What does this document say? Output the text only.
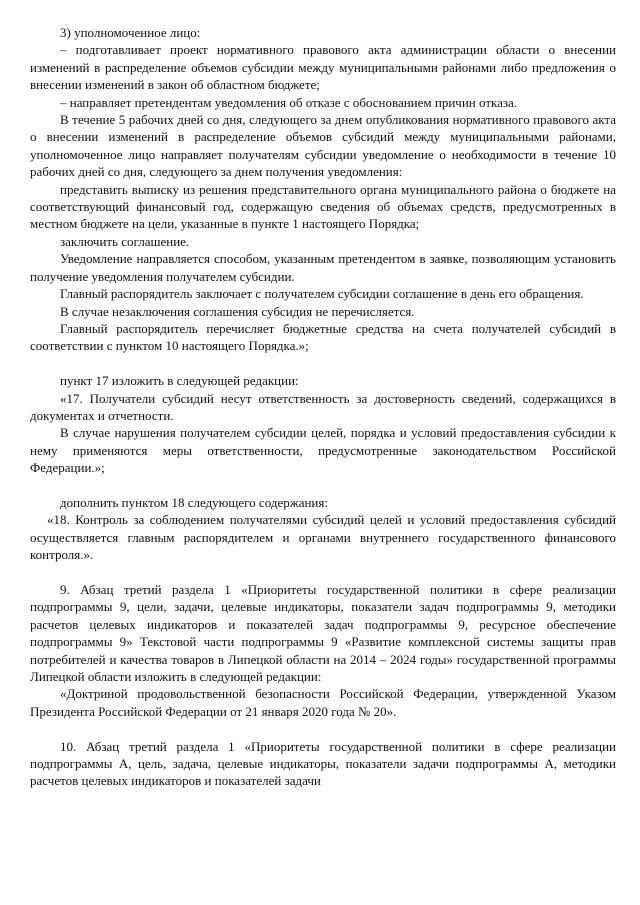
3) уполномоченное лицо:

– подготавливает проект нормативного правового акта администрации области о внесении изменений в распределение объемов субсидии между муниципальными районами либо предложения о внесении изменений в закон об областном бюджете;

– направляет претендентам уведомления об отказе с обоснованием причин отказа.

В течение 5 рабочих дней со дня, следующего за днем опубликования нормативного правового акта о внесении изменений в распределение объемов субсидий между муниципальными районами, уполномоченное лицо направляет получателям субсидии уведомление о необходимости в течение 10 рабочих дней со дня, следующего за днем получения уведомления:

представить выписку из решения представительного органа муниципального района о бюджете на соответствующий финансовый год, содержащую сведения об объемах средств, предусмотренных в местном бюджете на цели, указанные в пункте 1 настоящего Порядка;

заключить соглашение.

Уведомление направляется способом, указанным претендентом в заявке, позволяющим установить получение уведомления получателем субсидии.

Главный распорядитель заключает с получателем субсидии соглашение в день его обращения.

В случае незаключения соглашения субсидия не перечисляется.

Главный распорядитель перечисляет бюджетные средства на счета получателей субсидий в соответствии с пунктом 10 настоящего Порядка.»;

пункт 17 изложить в следующей редакции:

«17. Получатели субсидий несут ответственность за достоверность сведений, содержащихся в документах и отчетности.

В случае нарушения получателем субсидии целей, порядка и условий предоставления субсидии к нему применяются меры ответственности, предусмотренные законодательством Российской Федерации.»;

дополнить пунктом 18 следующего содержания:

«18. Контроль за соблюдением получателями субсидий целей и условий предоставления субсидий осуществляется главным распорядителем и органами внутреннего государственного финансового контроля.».

9. Абзац третий раздела 1 «Приоритеты государственной политики в сфере реализации подпрограммы 9, цели, задачи, целевые индикаторы, показатели задач подпрограммы 9, методики расчетов целевых индикаторов и показателей задач подпрограммы 9, ресурсное обеспечение подпрограммы 9» Текстовой части подпрограммы 9 «Развитие комплексной системы защиты прав потребителей и качества товаров в Липецкой области на 2014 – 2024 годы» государственной программы Липецкой области изложить в следующей редакции:

«Доктриной продовольственной безопасности Российской Федерации, утвержденной Указом Президента Российской Федерации от 21 января 2020 года № 20».

10. Абзац третий раздела 1 «Приоритеты государственной политики в сфере реализации подпрограммы А, цель, задача, целевые индикаторы, показатели задачи подпрограммы А, методики расчетов целевых индикаторов и показателей задачи
